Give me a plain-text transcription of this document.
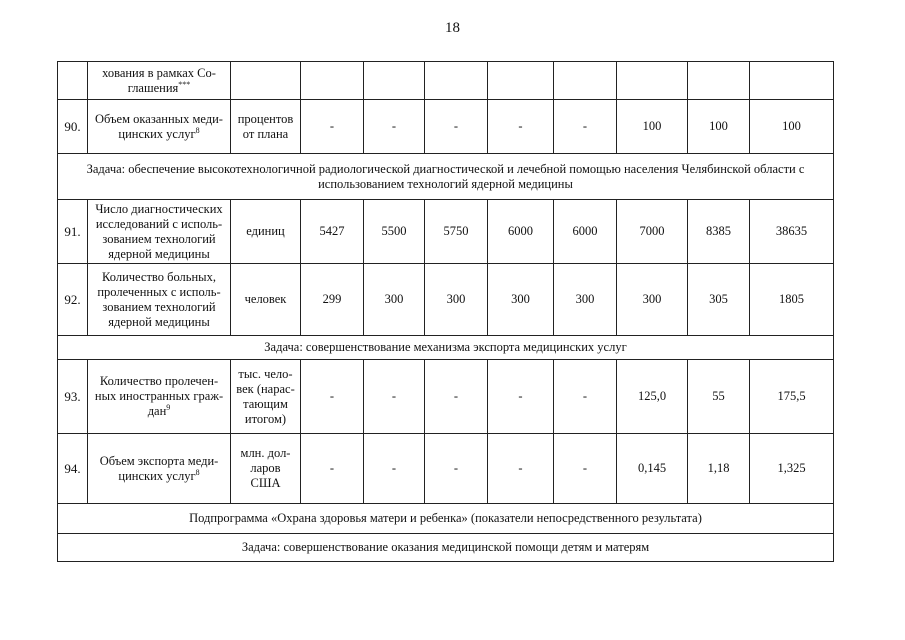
18

	хования в рамках Со-
глашения***

90.	Объем оказанных меди-
цинских услуг$^8$	процентов
от плана	-	-	-	-	-	100	100	100
Задача: обеспечение высокотехнологичной радиологической диагностической и лечебной помощью населения Челябинской области с использованием технологий ядерной медицины										
91.	Число диагностических
исследований с исполь-
зованием технологий
ядерной медицины	единиц	5427	5500	5750	6000	6000	7000	8385	38635
92.	Количество больных,
пролеченных с исполь-
зованием технологий
ядерной медицины	человек	299	300	300	300	300	300	305	1805
Задача: совершенствование механизма экспорта медицинских услуг										
93.	Количество пролечен-
ных иностранных граж-
дан$^9$	тыс. чело-
век (нарас-
тающим
итогом)	-	-	-	-	-	125,0	55	175,5
94.	Объем экспорта меди-
цинских услуг$^8$	млн. дол-
ларов
США	-	-	-	-	-	0,145	1,18	1,325
Подпрограмма «Охрана здоровья матери и ребенка» (показатели непосредственного результата)										
Задача: совершенствование оказания медицинской помощи детям и матерям										
